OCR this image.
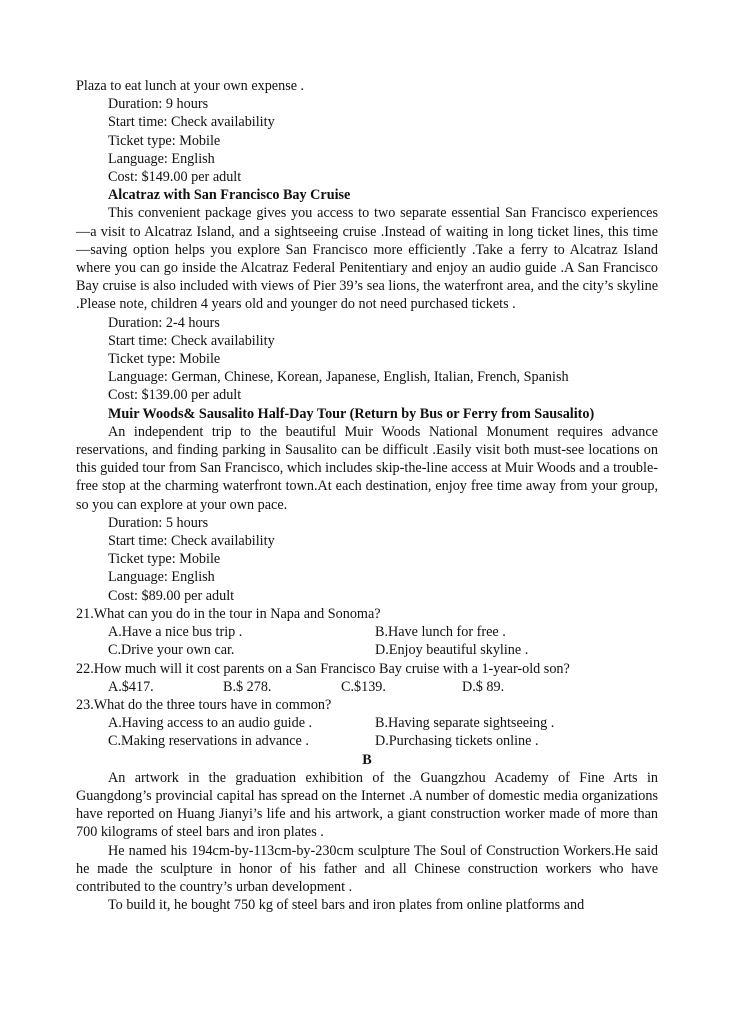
Plaza to eat lunch at your own expense .

Duration: 9 hours

Start time: Check availability

Ticket type: Mobile

Language: English

Cost: $149.00 per adult

Alcatraz with San Francisco Bay Cruise

This convenient package gives you access to two separate essential San Francisco experiences —a visit to Alcatraz Island, and a sightseeing cruise .Instead of waiting in long ticket lines, this time —saving option helps you explore San Francisco more efficiently .Take a ferry to Alcatraz Island where you can go inside the Alcatraz Federal Penitentiary and enjoy an audio guide .A San Francisco Bay cruise is also included with views of Pier 39’s sea lions, the waterfront area, and the city’s skyline .Please note, children 4 years old and younger do not need purchased tickets .

Duration: 2-4 hours

Start time: Check availability

Ticket type: Mobile

Language: German, Chinese, Korean, Japanese, English, Italian, French, Spanish

Cost: $139.00 per adult

Muir Woods& Sausalito Half-Day Tour (Return by Bus or Ferry from Sausalito)

An independent trip to the beautiful Muir Woods National Monument requires advance reservations, and finding parking in Sausalito can be difficult .Easily visit both must-see locations on this guided tour from San Francisco, which includes skip-the-line access at Muir Woods and a trouble-free stop at the charming waterfront town.At each destination, enjoy free time away from your group, so you can explore at your own pace.

Duration: 5 hours

Start time: Check availability

Ticket type: Mobile

Language: English

Cost: $89.00 per adult

21.What can you do in the tour in Napa and Sonoma?

A.Have a nice bus trip .	B.Have lunch for free .
C.Drive your own car.	D.Enjoy beautiful skyline .

22.How much will it cost parents on a San Francisco Bay cruise with a 1-year-old son?

A.$417.	B.$ 278.	C.$139.	D.$ 89.

23.What do the three tours have in common?

A.Having access to an audio guide .	B.Having separate sightseeing .
C.Making reservations in advance .	D.Purchasing tickets online .

B

An artwork in the graduation exhibition of the Guangzhou Academy of Fine Arts in Guangdong’s provincial capital has spread on the Internet .A number of domestic media organizations have reported on Huang Jianyi’s life and his artwork, a giant construction worker made of more than 700 kilograms of steel bars and iron plates .

He named his 194cm-by-113cm-by-230cm sculpture The Soul of Construction Workers.He said he made the sculpture in honor of his father and all Chinese construction workers who have contributed to the country’s urban development .

To build it, he bought 750 kg of steel bars and iron plates from online platforms and
